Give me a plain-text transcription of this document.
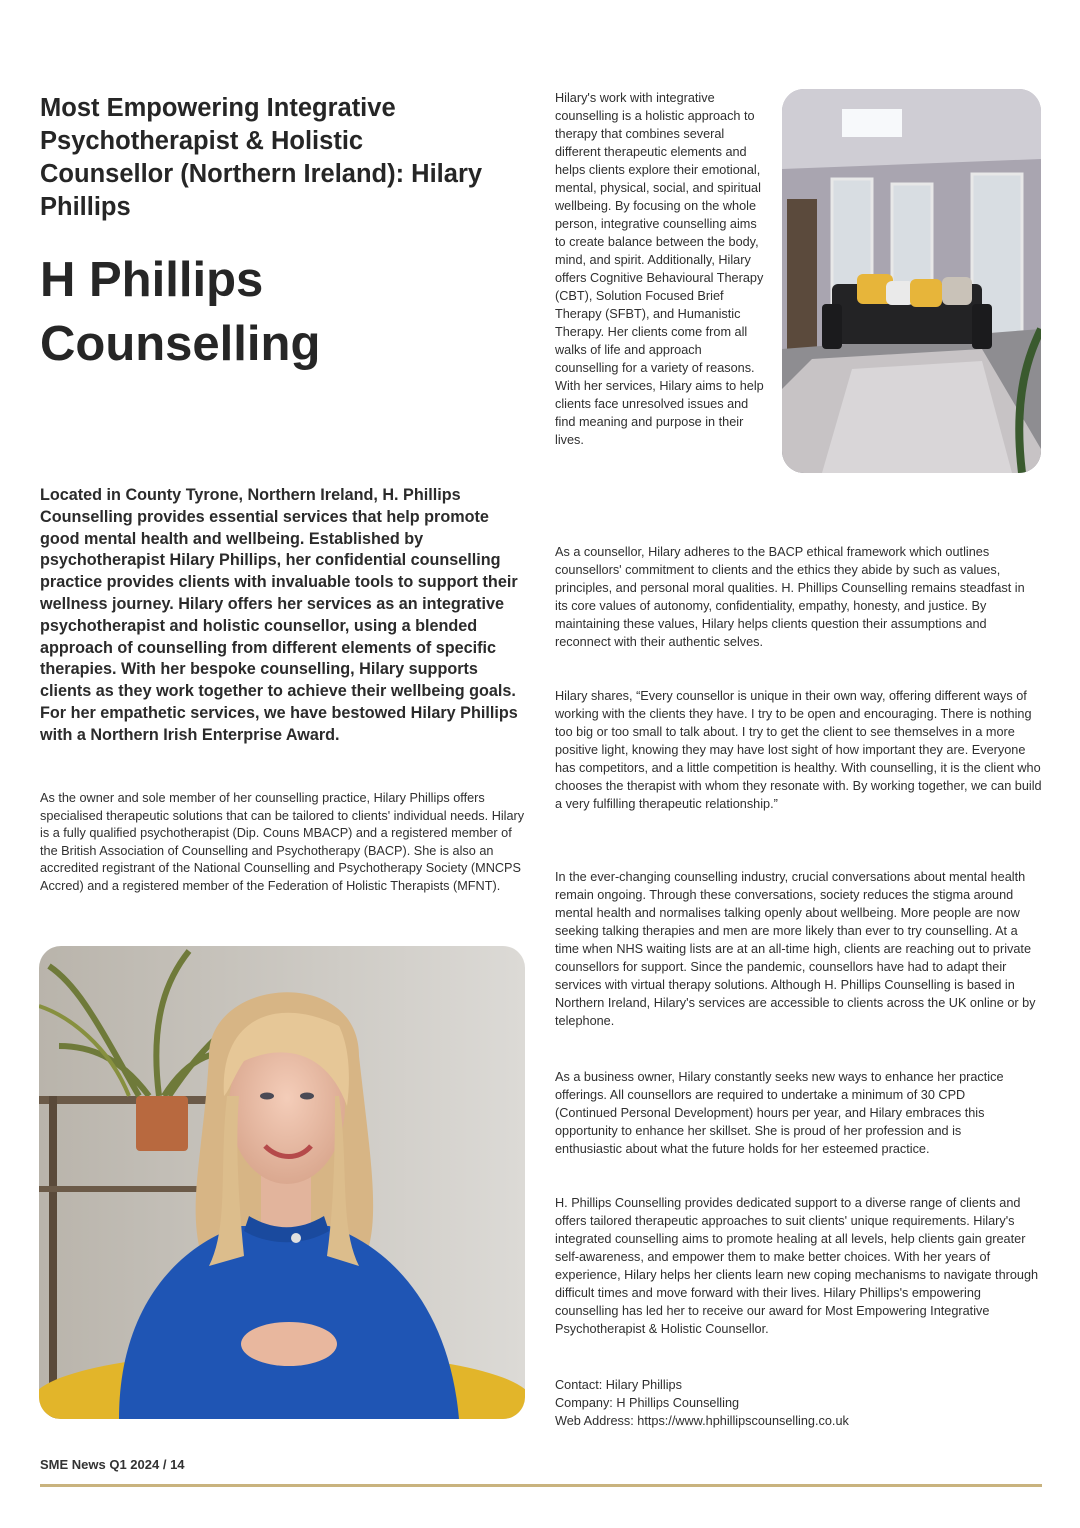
Most Empowering Integrative Psychotherapist & Holistic Counsellor (Northern Ireland): Hilary Phillips
H Phillips Counselling

Located in County Tyrone, Northern Ireland, H. Phillips Counselling provides essential services that help promote good mental health and wellbeing. Established by psychotherapist Hilary Phillips, her confidential counselling practice provides clients with invaluable tools to support their wellness journey. Hilary offers her services as an integrative psychotherapist and holistic counsellor, using a blended approach of counselling from different elements of specific therapies. With her bespoke counselling, Hilary supports clients as they work together to achieve their wellbeing goals. For her empathetic services, we have bestowed Hilary Phillips with a Northern Irish Enterprise Award.

As the owner and sole member of her counselling practice, Hilary Phillips offers specialised therapeutic solutions that can be tailored to clients' individual needs. Hilary is a fully qualified psychotherapist (Dip. Couns MBACP) and a registered member of the British Association of Counselling and Psychotherapy (BACP). She is also an accredited registrant of the National Counselling and Psychotherapy Society (MNCPS Accred) and a registered member of the Federation of Holistic Therapists (MFNT).

Hilary's work with integrative counselling is a holistic approach to therapy that combines several different therapeutic elements and helps clients explore their emotional, mental, physical, social, and spiritual wellbeing. By focusing on the whole person, integrative counselling aims to create balance between the body, mind, and spirit. Additionally, Hilary offers Cognitive Behavioural Therapy (CBT), Solution Focused Brief Therapy (SFBT), and Humanistic Therapy. Her clients come from all walks of life and approach counselling for a variety of reasons. With her services, Hilary aims to help clients face unresolved issues and find meaning and purpose in their lives.

As a counsellor, Hilary adheres to the BACP ethical framework which outlines counsellors' commitment to clients and the ethics they abide by such as values, principles, and personal moral qualities. H. Phillips Counselling remains steadfast in its core values of autonomy, confidentiality, empathy, honesty, and justice. By maintaining these values, Hilary helps clients question their assumptions and reconnect with their authentic selves.

Hilary shares, “Every counsellor is unique in their own way, offering different ways of working with the clients they have. I try to be open and encouraging. There is nothing too big or too small to talk about. I try to get the client to see themselves in a more positive light, knowing they may have lost sight of how important they are. Everyone has competitors, and a little competition is healthy. With counselling, it is the client who chooses the therapist with whom they resonate with. By working together, we can build a very fulfilling therapeutic relationship.”

In the ever-changing counselling industry, crucial conversations about mental health remain ongoing. Through these conversations, society reduces the stigma around mental health and normalises talking openly about wellbeing. More people are now seeking talking therapies and men are more likely than ever to try counselling. At a time when NHS waiting lists are at an all-time high, clients are reaching out to private counsellors for support. Since the pandemic, counsellors have had to adapt their services with virtual therapy solutions. Although H. Phillips Counselling is based in Northern Ireland, Hilary's services are accessible to clients across the UK online or by telephone.

As a business owner, Hilary constantly seeks new ways to enhance her practice offerings. All counsellors are required to undertake a minimum of 30 CPD (Continued Personal Development) hours per year, and Hilary embraces this opportunity to enhance her skillset. She is proud of her profession and is enthusiastic about what the future holds for her esteemed practice.

H. Phillips Counselling provides dedicated support to a diverse range of clients and offers tailored therapeutic approaches to suit clients' unique requirements. Hilary's integrated counselling aims to promote healing at all levels, help clients gain greater self-awareness, and empower them to make better choices. With her years of experience, Hilary helps her clients learn new coping mechanisms to navigate through difficult times and move forward with their lives. Hilary Phillips's empowering counselling has led her to receive our award for Most Empowering Integrative Psychotherapist & Holistic Counsellor.

Contact: Hilary Phillips
Company: H Phillips Counselling
Web Address: https://www.hphillipscounselling.co.uk
SME News Q1 2024 / 14
